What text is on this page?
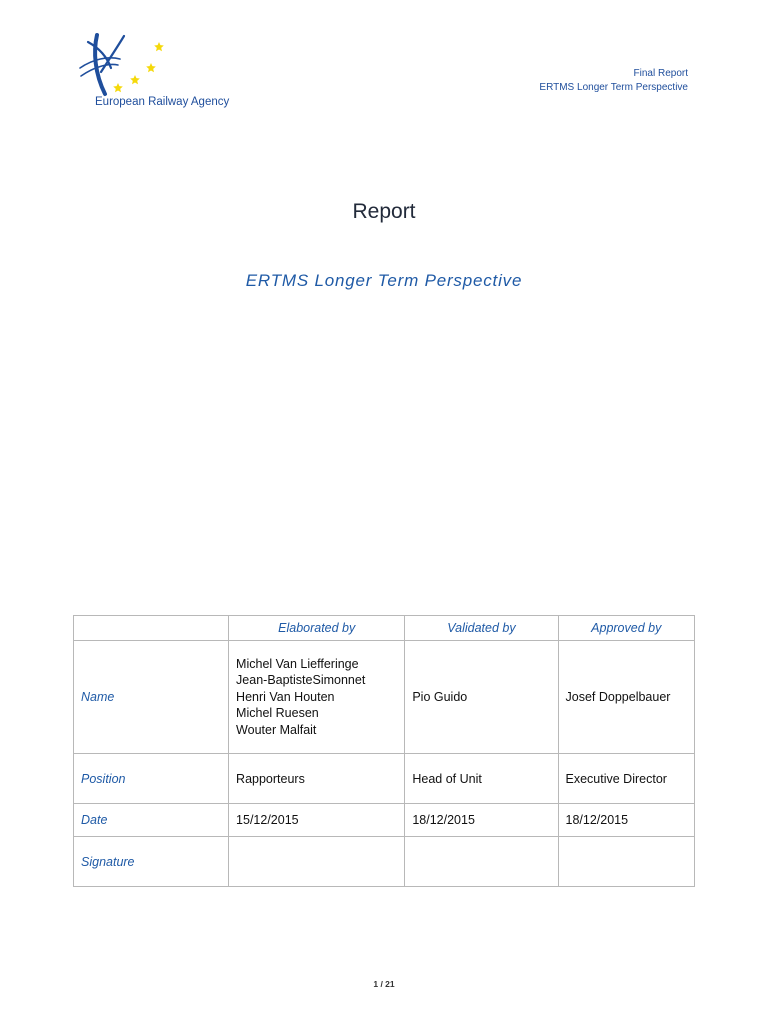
European Railway Agency
Final Report
ERTMS Longer Term Perspective
Report
ERTMS Longer Term Perspective
	Elaborated by	Validated by	Approved by
Name	Michel Van Liefferinge
Jean-BaptisteSimonnet
Henri Van Houten
Michel Ruesen
Wouter Malfait	Pio Guido	Josef Doppelbauer
Position	Rapporteurs	Head of Unit	Executive Director
Date	15/12/2015	18/12/2015	18/12/2015
Signature			
1 / 21
